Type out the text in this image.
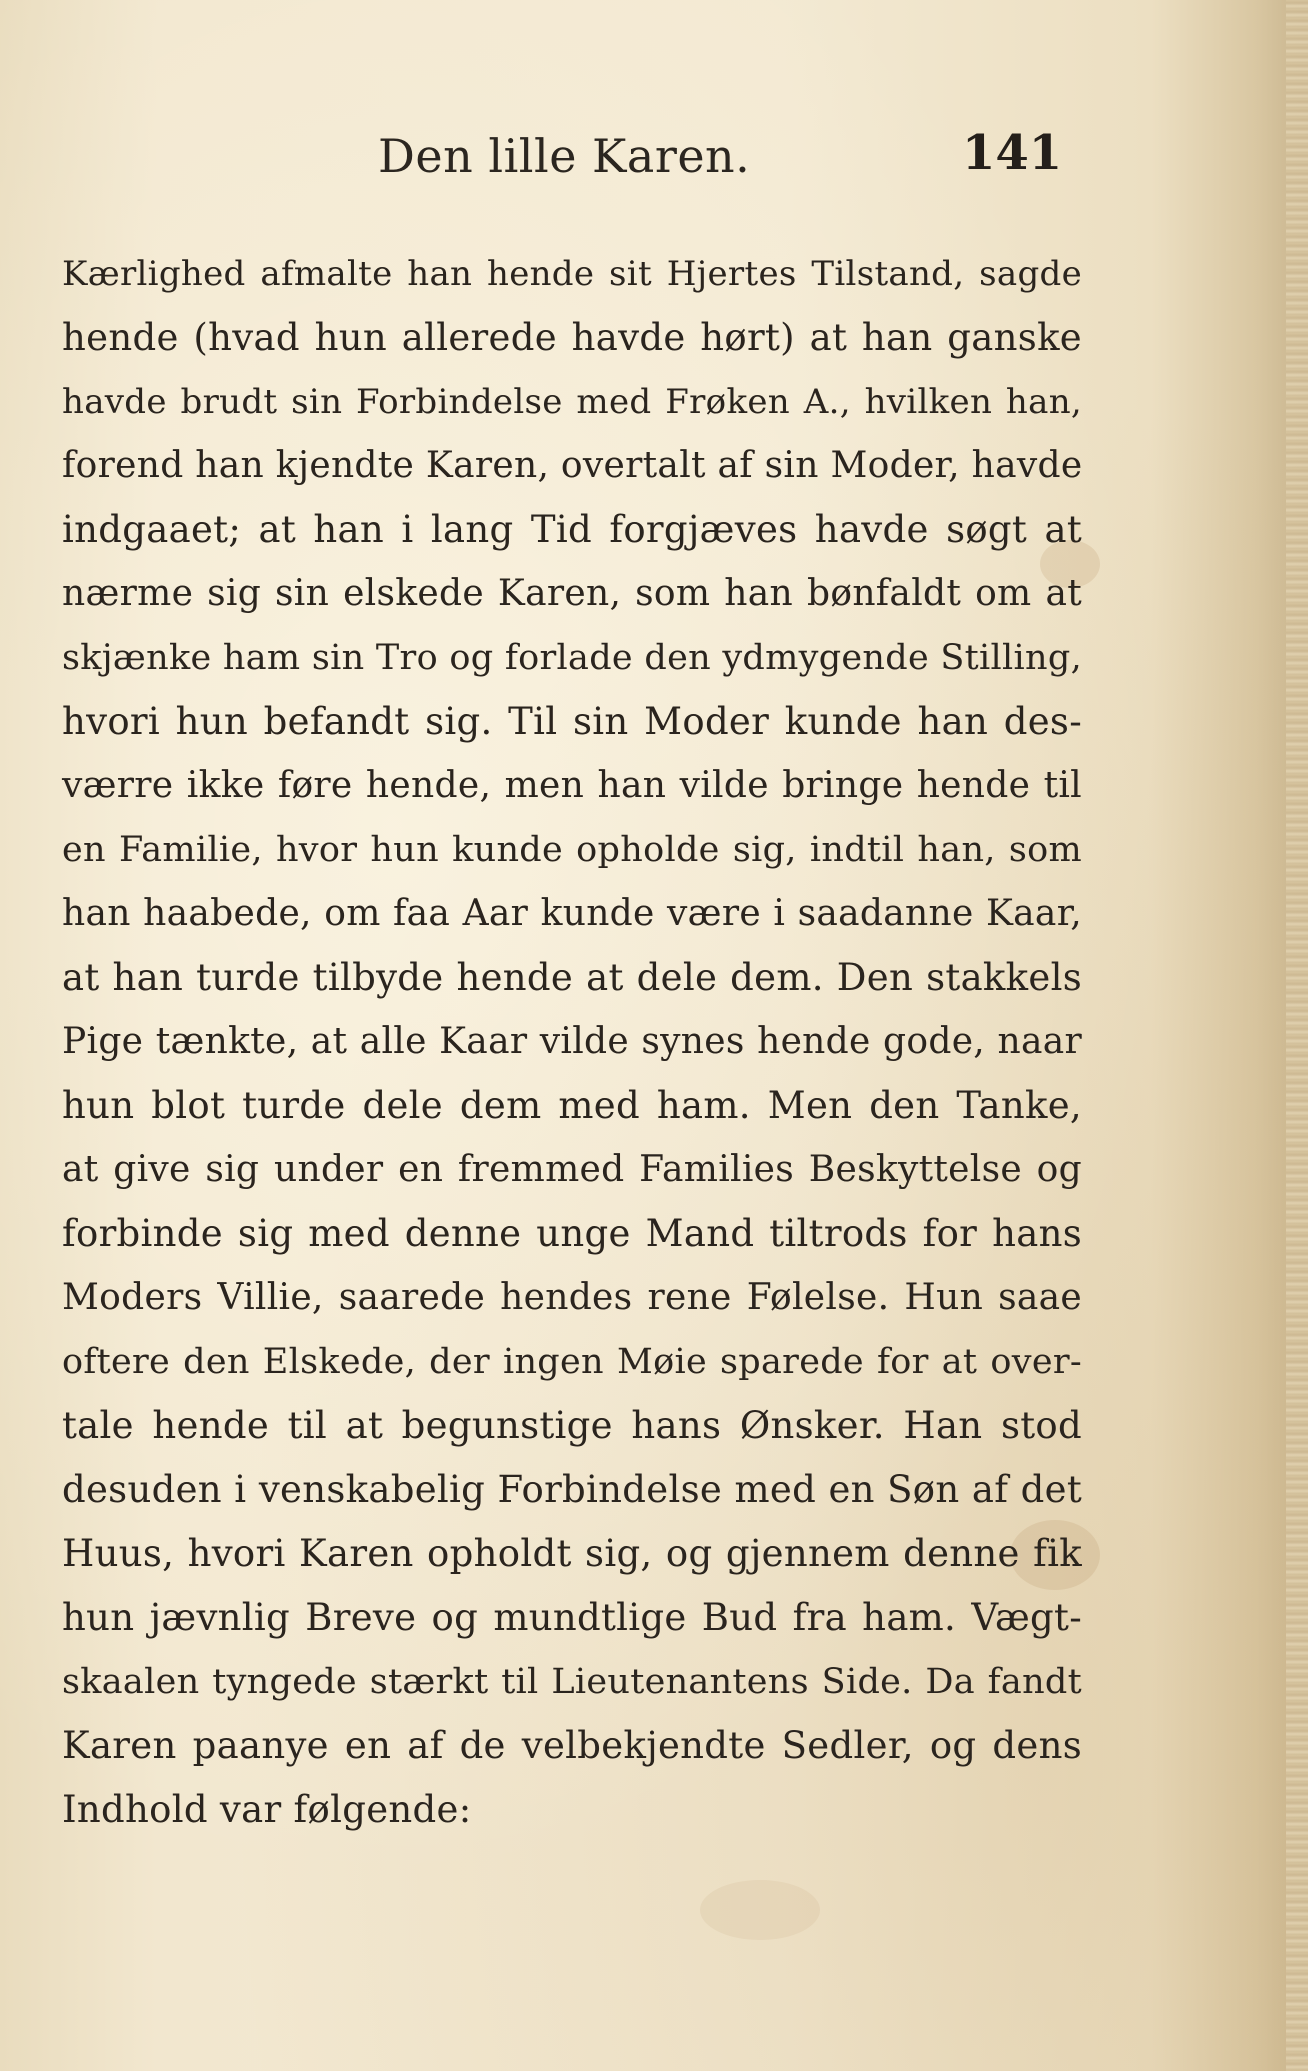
Den lille Karen.	141
Kærlighed afmalte han hende sit Hjertes Tilstand, sagde
hende (hvad hun allerede havde hørt) at han ganske
havde brudt sin Forbindelse med Frøken A., hvilken han,
forend han kjendte Karen, overtalt af sin Moder, havde
indgaaet; at han i lang Tid forgjæves havde søgt at
nærme sig sin elskede Karen, som han bønfaldt om at
skjænke ham sin Tro og forlade den ydmygende Stilling,
hvori hun befandt sig. Til sin Moder kunde han des-
værre ikke føre hende, men han vilde bringe hende til
en Familie, hvor hun kunde opholde sig, indtil han, som
han haabede, om faa Aar kunde være i saadanne Kaar,
at han turde tilbyde hende at dele dem. Den stakkels
Pige tænkte, at alle Kaar vilde synes hende gode, naar
hun blot turde dele dem med ham. Men den Tanke,
at give sig under en fremmed Families Beskyttelse og
forbinde sig med denne unge Mand tiltrods for hans
Moders Villie, saarede hendes rene Følelse. Hun saae
oftere den Elskede, der ingen Møie sparede for at over-
tale hende til at begunstige hans Ønsker. Han stod
desuden i venskabelig Forbindelse med en Søn af det
Huus, hvori Karen opholdt sig, og gjennem denne fik
hun jævnlig Breve og mundtlige Bud fra ham. Vægt-
skaalen tyngede stærkt til Lieutenantens Side. Da fandt
Karen paanye en af de velbekjendte Sedler, og dens
Indhold var følgende:
